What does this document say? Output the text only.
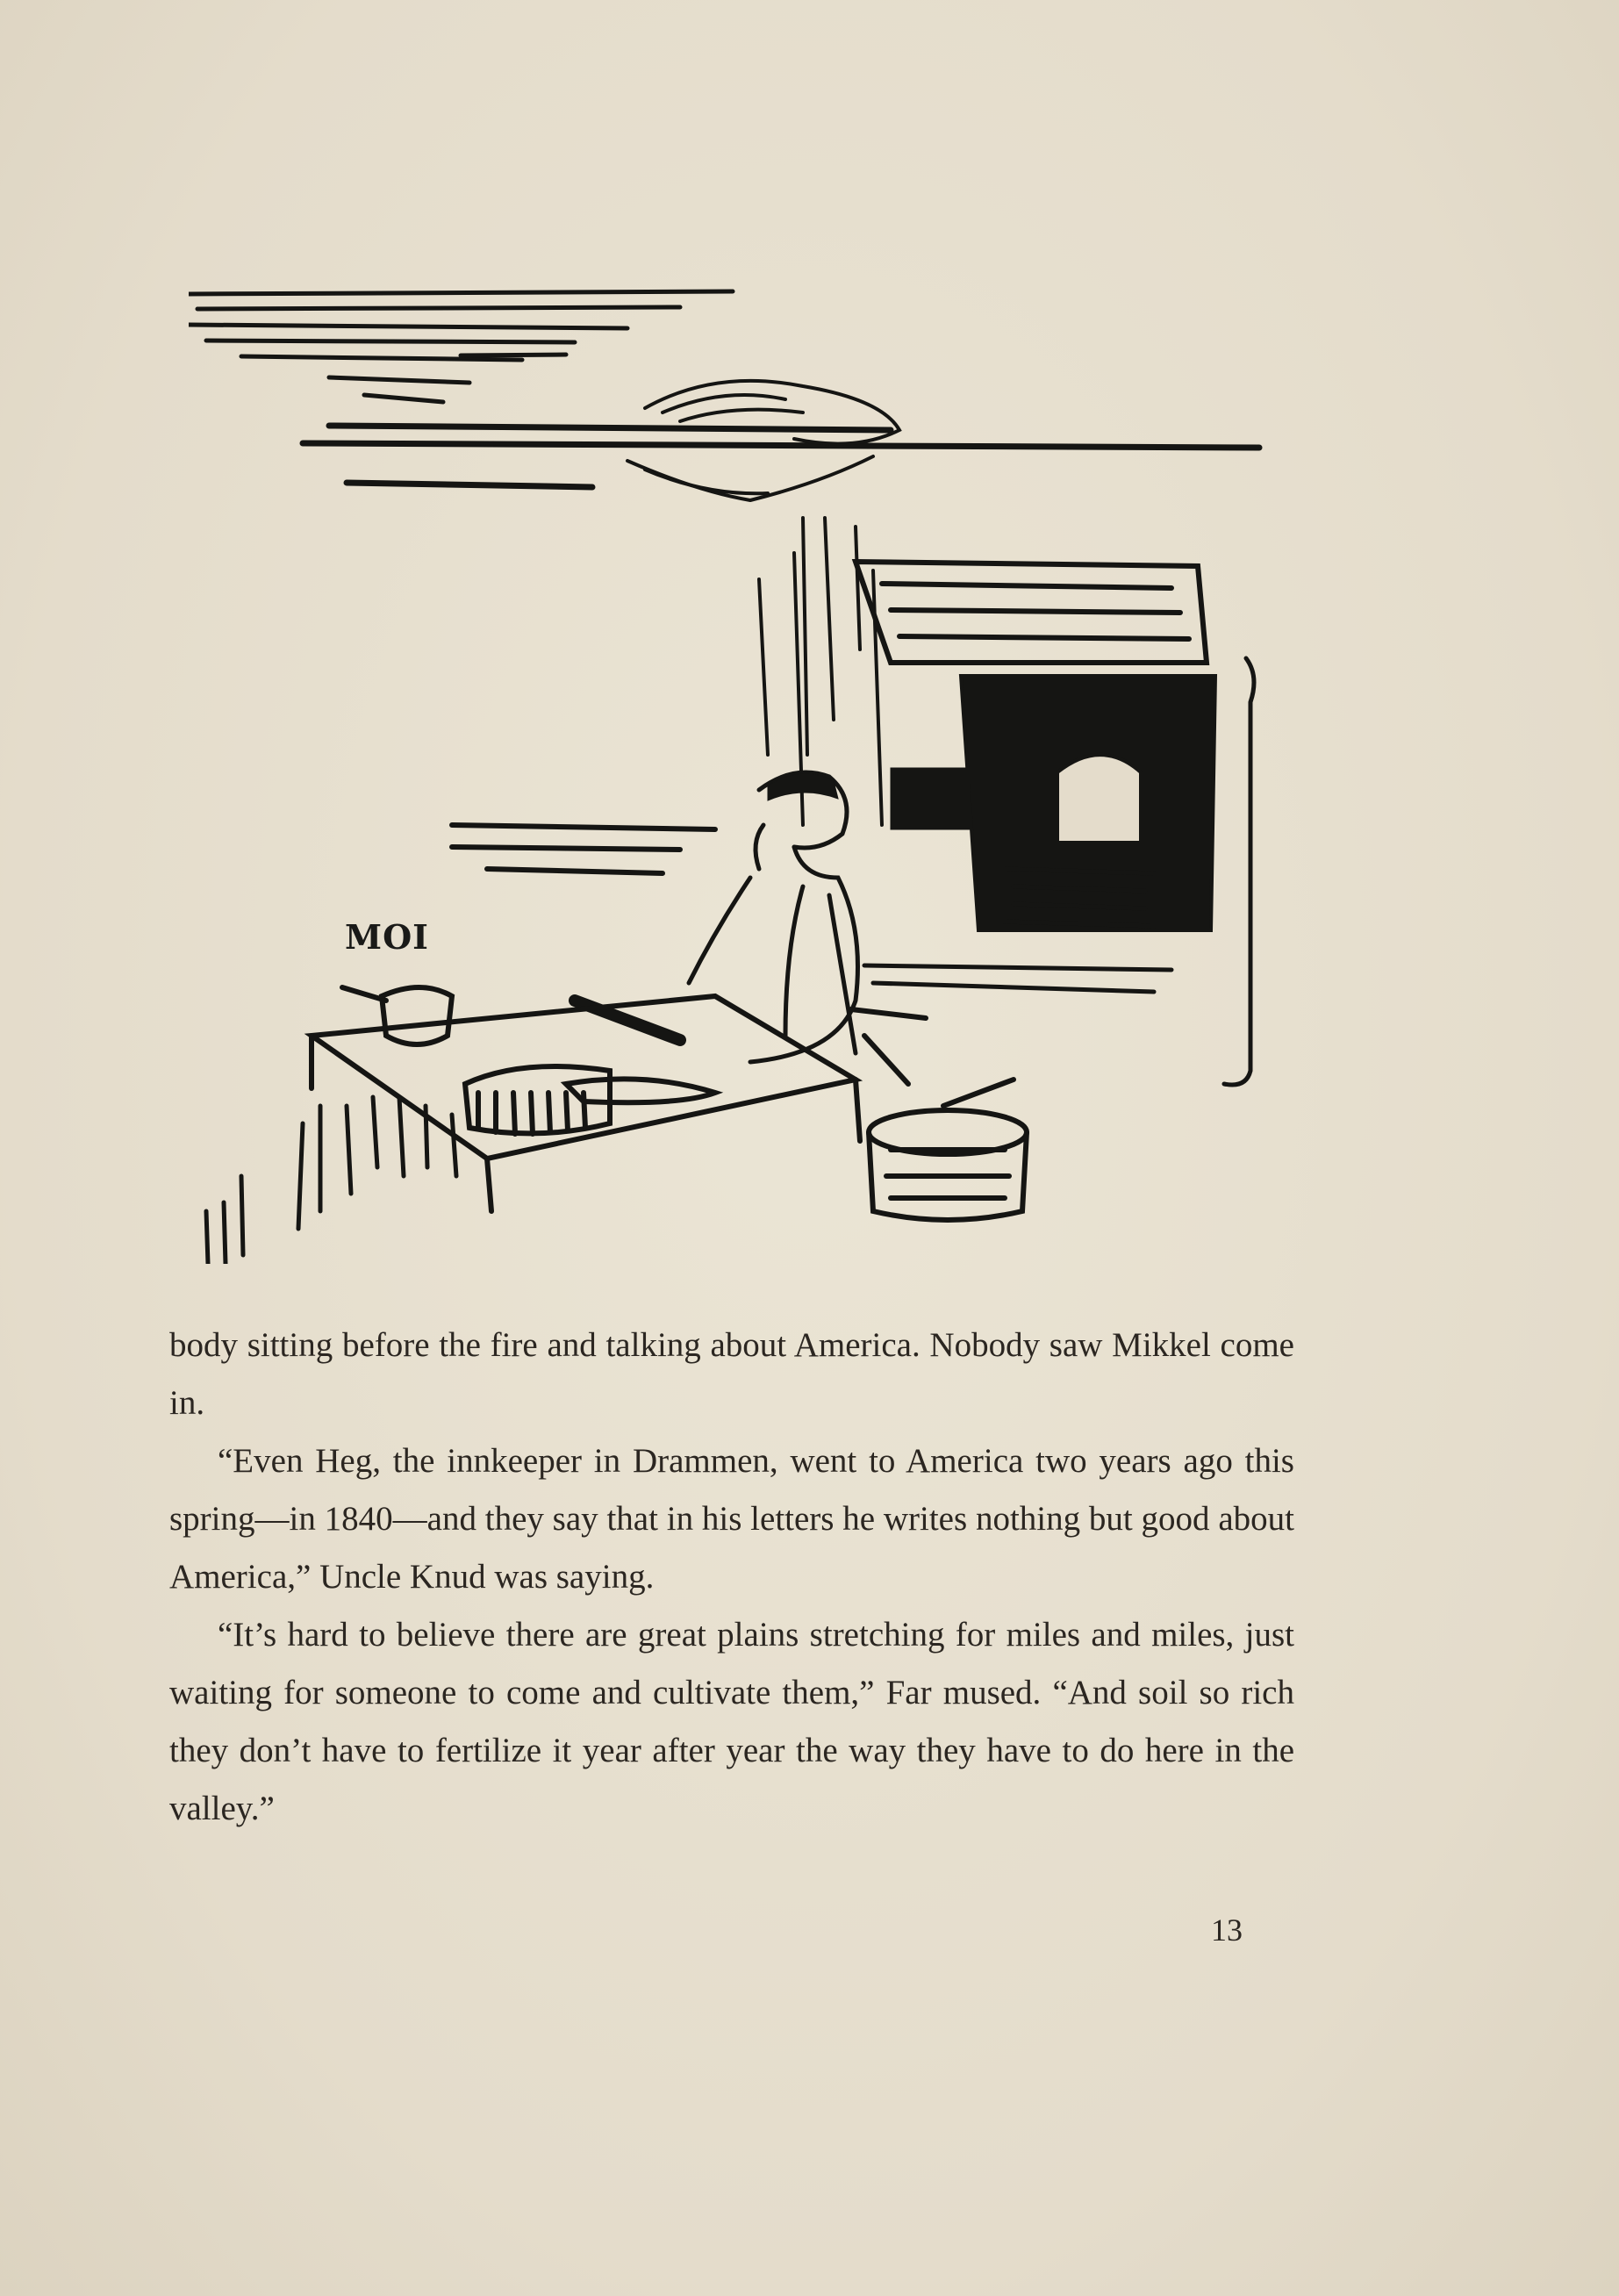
MOI

body sitting before the fire and talking about America. Nobody saw Mikkel come in.

“Even Heg, the innkeeper in Drammen, went to America two years ago this spring—in 1840—and they say that in his letters he writes nothing but good about America,” Uncle Knud was saying.

“It’s hard to believe there are great plains stretching for miles and miles, just waiting for someone to come and cultivate them,” Far mused. “And soil so rich they don’t have to fertilize it year after year the way they have to do here in the valley.”

13
